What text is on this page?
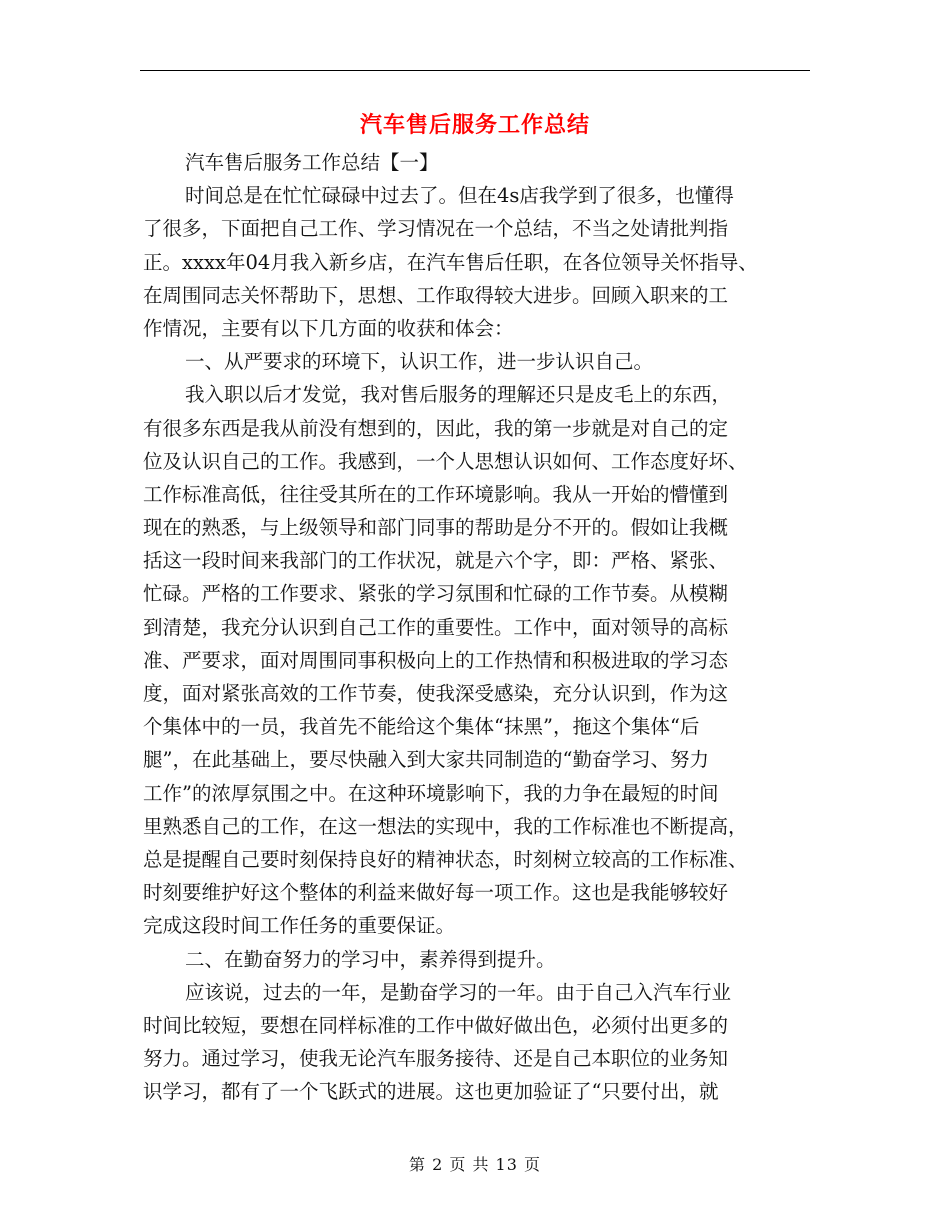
汽车售后服务工作总结

汽车售后服务工作总结【一】

时间总是在忙忙碌碌中过去了。但在4s店我学到了很多，也懂得

了很多，下面把自己工作、学习情况在一个总结，不当之处请批判指

正。xxxx年04月我入新乡店，在汽车售后任职，在各位领导关怀指导、

在周围同志关怀帮助下，思想、工作取得较大进步。回顾入职来的工

作情况，主要有以下几方面的收获和体会：

一、从严要求的环境下，认识工作，进一步认识自己。

我入职以后才发觉，我对售后服务的理解还只是皮毛上的东西，

有很多东西是我从前没有想到的，因此，我的第一步就是对自己的定

位及认识自己的工作。我感到，一个人思想认识如何、工作态度好坏、

工作标准高低，往往受其所在的工作环境影响。我从一开始的懵懂到

现在的熟悉，与上级领导和部门同事的帮助是分不开的。假如让我概

括这一段时间来我部门的工作状况，就是六个字，即：严格、紧张、

忙碌。严格的工作要求、紧张的学习氛围和忙碌的工作节奏。从模糊

到清楚，我充分认识到自己工作的重要性。工作中，面对领导的高标

准、严要求，面对周围同事积极向上的工作热情和积极进取的学习态

度，面对紧张高效的工作节奏，使我深受感染，充分认识到，作为这

个集体中的一员，我首先不能给这个集体“抹黑”，拖这个集体“后

腿”，在此基础上，要尽快融入到大家共同制造的“勤奋学习、努力

工作”的浓厚氛围之中。在这种环境影响下，我的力争在最短的时间

里熟悉自己的工作，在这一想法的实现中，我的工作标准也不断提高，

总是提醒自己要时刻保持良好的精神状态，时刻树立较高的工作标准、

时刻要维护好这个整体的利益来做好每一项工作。这也是我能够较好

完成这段时间工作任务的重要保证。

二、在勤奋努力的学习中，素养得到提升。

应该说，过去的一年，是勤奋学习的一年。由于自己入汽车行业

时间比较短，要想在同样标准的工作中做好做出色，必须付出更多的

努力。通过学习，使我无论汽车服务接待、还是自己本职位的业务知

识学习，都有了一个飞跃式的进展。这也更加验证了“只要付出，就

第 2 页 共 13 页
